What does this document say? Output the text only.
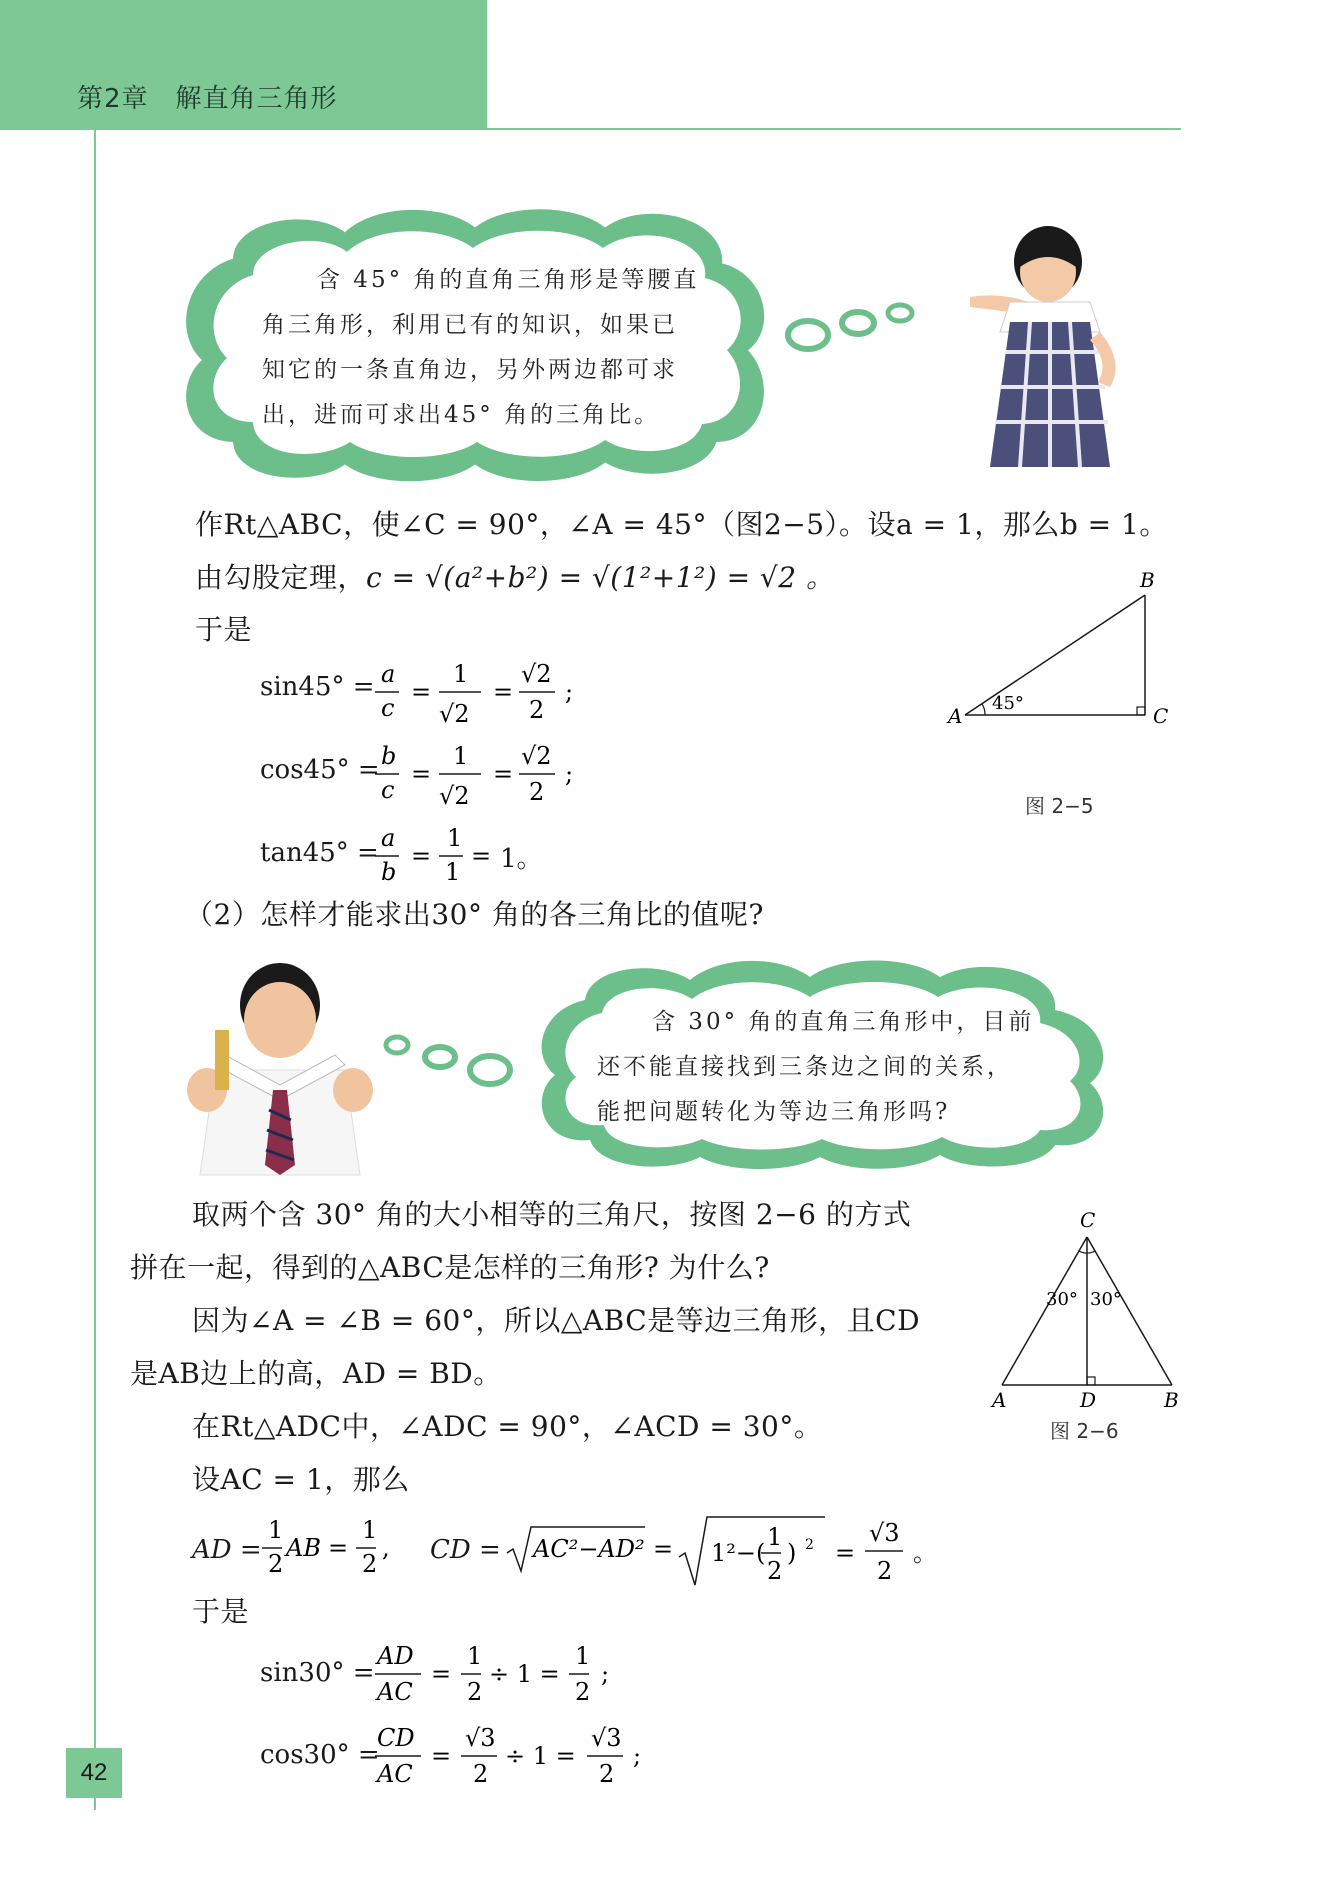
第2章　解直角三角形
含 45° 角的直角三角形是等腰直
角三角形，利用已有的知识，如果已
知它的一条直角边，另外两边都可求
出，进而可求出45° 角的三角比。
作Rt△ABC，使∠C = 90°，∠A = 45°（图2−5）。设a = 1，那么b = 1。
由勾股定理，c = √(a²+b²) = √(1²+1²) = √2 。
于是
sin45° = a
c
=
1
√2
=
√2
2
;
cos45° = b
c
=
1
√2
=
√2
2
;
tan45° = a
b
=
1
1
= 1。
A
B
C
45°
图 2−5
（2）怎样才能求出30° 角的各三角比的值呢?
含 30° 角的直角三角形中，目前
还不能直接找到三条边之间的关系，
能把问题转化为等边三角形吗?
取两个含 30° 角的大小相等的三角尺，按图 2−6 的方式
拼在一起，得到的△ABC是怎样的三角形? 为什么?
因为∠A = ∠B = 60°，所以△ABC是等边三角形，且CD
是AB边上的高，AD = BD。
在Rt△ADC中，∠ADC = 90°，∠ACD = 30°。
设AC = 1，那么
AD =
1
2
AB =
1
2
, CD = AC²−AD² = 1²−(
1
2
) 2 =
√3
2
。
于是
sin30° =
AD
AC
=
1
2
÷ 1 =
1
2
;
cos30° =
CD
AC
=
√3
2
÷ 1 =
√3
2
;
C
A	D	B
30° 30°
图 2−6
42
